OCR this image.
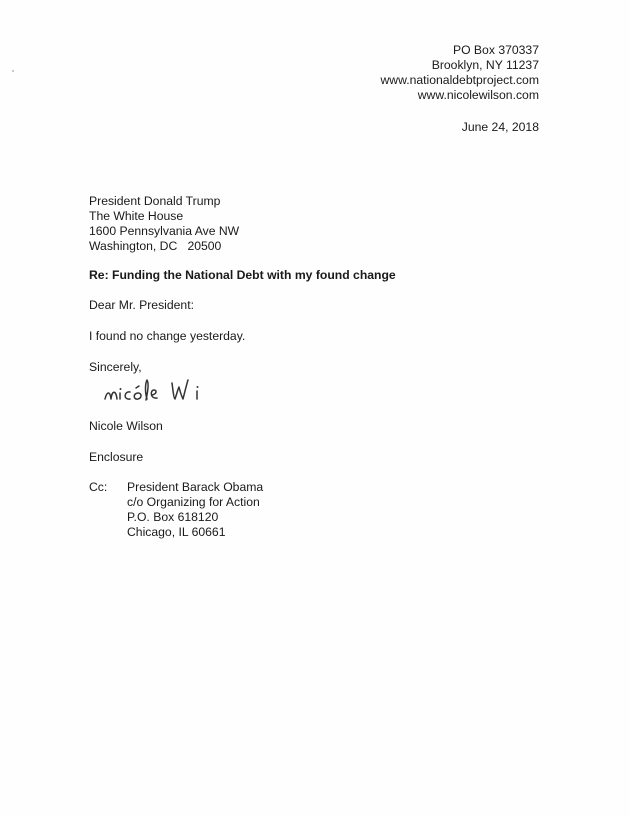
PO Box 370337
Brooklyn, NY 11237
www.nationaldebtproject.com
www.nicolewilson.com
June 24, 2018
President Donald Trump
The White House
1600 Pennsylvania Ave NW
Washington, DC   20500
Re: Funding the National Debt with my found change
Dear Mr. President:
I found no change yesterday.
Sincerely,
Nicole Wilson
Enclosure
Cc: President Barack Obama
c/o Organizing for Action
P.O. Box 618120
Chicago, IL 60661
